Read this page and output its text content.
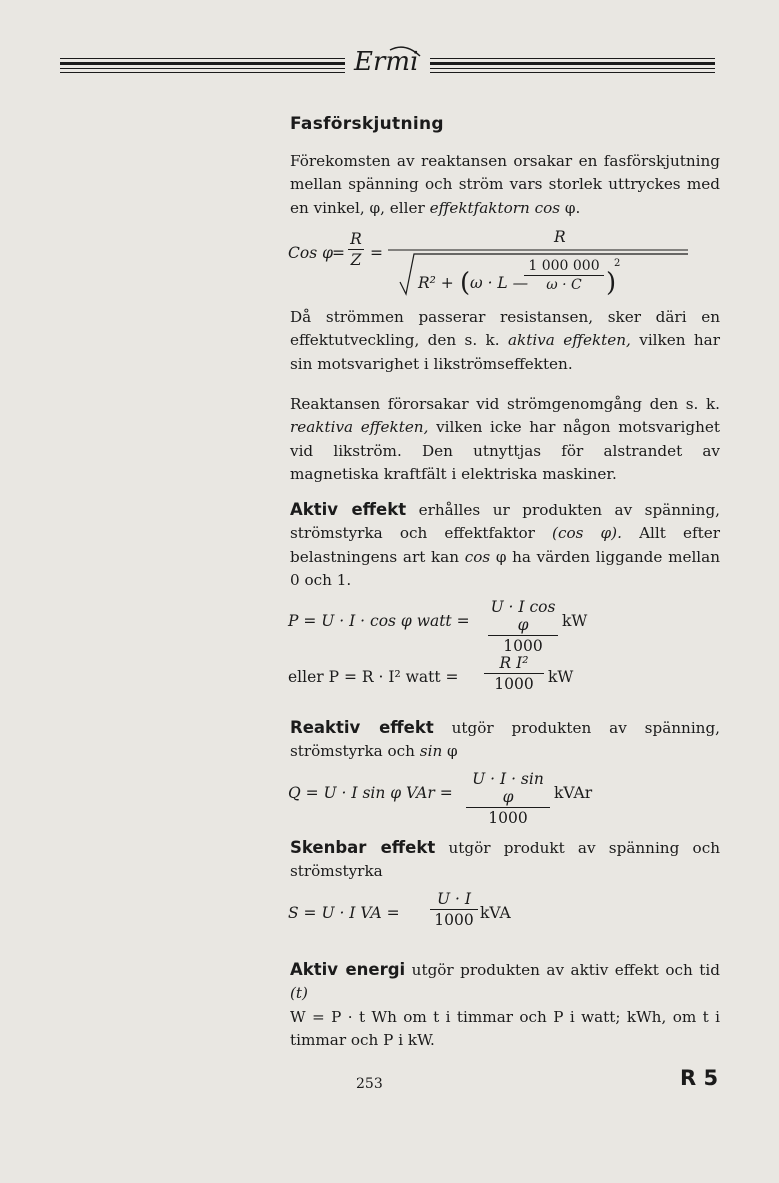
Ermi
Fasförskjutning
Förekomsten av reaktansen orsakar en fasförskjutning mellan spänning och ström vars storlek uttryckes med en vinkel, φ, eller effektfaktorn cos φ.
Cos φ =
R
Z =
R
R² + ( ω · L —
1 000 000
ω · C )
2
Då strömmen passerar resistansen, sker däri en effektutveckling, den s. k. aktiva effekten, vilken har sin motsvarighet i likströmseffekten.
Reaktansen förorsakar vid strömgenomgång den s. k. reaktiva effekten, vilken icke har någon motsvarighet vid likström. Den utnyttjas för alstrandet av magnetiska kraftfält i elektriska maskiner.
Aktiv effekt erhålles ur produkten av spänning, strömstyrka och effektfaktor (cos φ). Allt efter belastningens art kan cos φ ha värden liggande mellan 0 och 1.
P = U · I · cos φ watt =
U · I cos φ
1000
kW
eller P = R · I² watt =
R I²
1000 kW
Reaktiv effekt utgör produkten av spänning, strömstyrka och sin φ
Q = U · I sin φ VAr =
U · I · sin φ
1000
kVAr
Skenbar effekt utgör produkt av spänning och strömstyrka
S = U · I VA =
U · I
1000 kVA
Aktiv energi utgör produkten av aktiv effekt och tid (t)
W = P · t Wh om t i timmar och P i watt; kWh, om t i timmar och P i kW.
253	R 5
